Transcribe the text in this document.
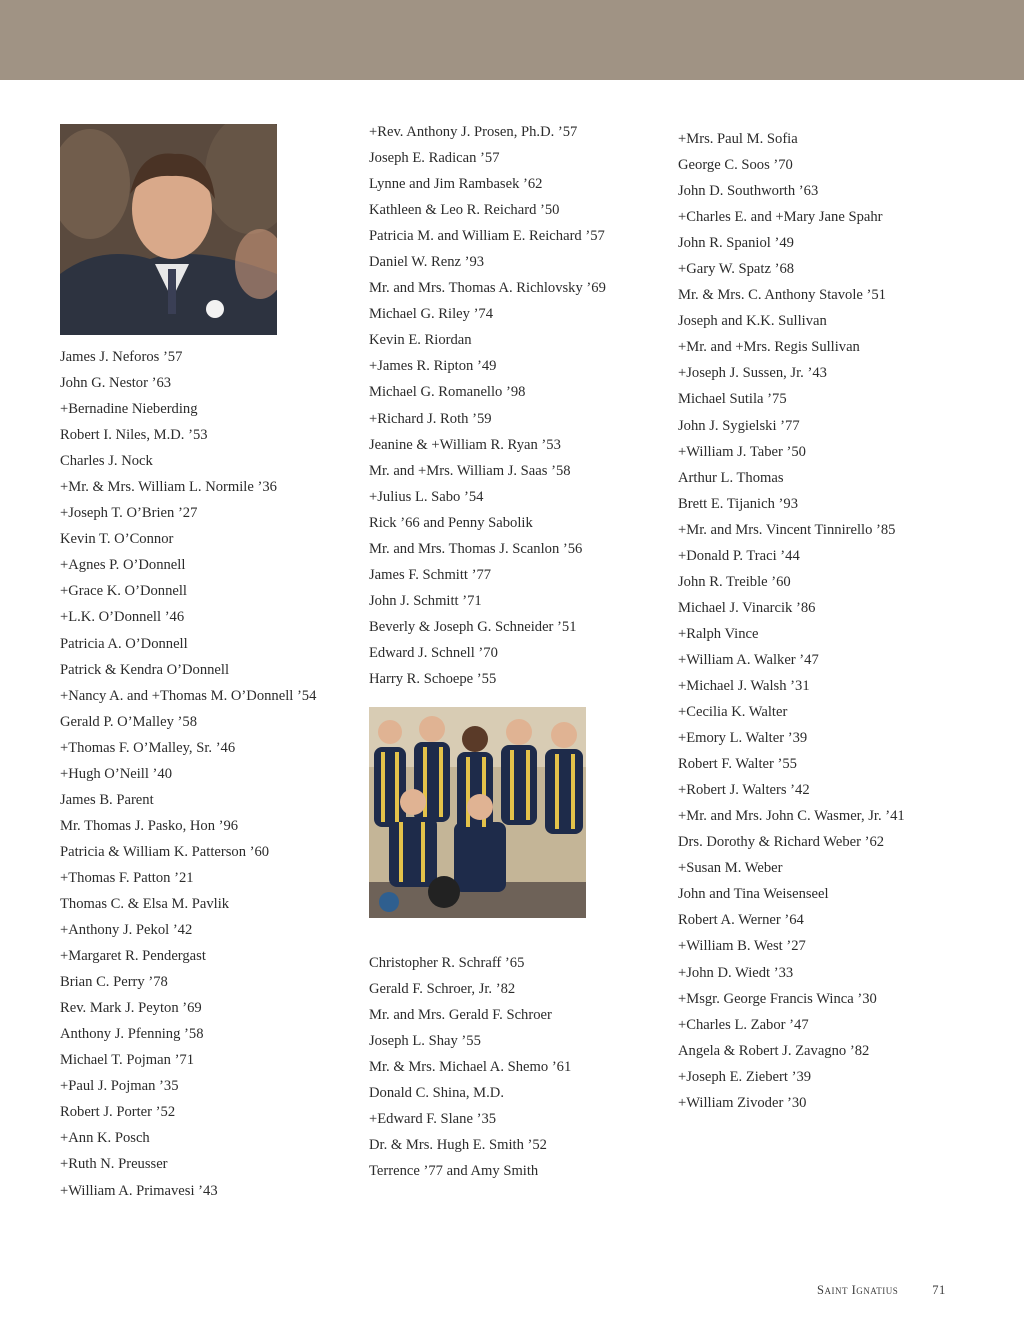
James J. Neforos ’57
John G. Nestor ’63
+Bernadine Nieberding
Robert I. Niles, M.D. ’53
Charles J. Nock
+Mr. & Mrs. William L. Normile ’36
+Joseph T. O’Brien ’27
Kevin T. O’Connor
+Agnes P. O’Donnell
+Grace K. O’Donnell
+L.K. O’Donnell ’46
Patricia A. O’Donnell
Patrick & Kendra O’Donnell
+Nancy A. and +Thomas M. O’Donnell ’54
Gerald P. O’Malley ’58
+Thomas F. O’Malley, Sr. ’46
+Hugh O’Neill ’40
James B. Parent
Mr. Thomas J. Pasko, Hon ’96
Patricia & William K. Patterson ’60
+Thomas F. Patton ’21
Thomas C. & Elsa M. Pavlik
+Anthony J. Pekol ’42
+Margaret R. Pendergast
Brian C. Perry ’78
Rev. Mark J. Peyton ’69
Anthony J. Pfenning ’58
Michael T. Pojman ’71
+Paul J. Pojman ’35
Robert J. Porter ’52
+Ann K. Posch
+Ruth N. Preusser
+William A. Primavesi ’43
+Rev. Anthony J. Prosen, Ph.D. ’57
Joseph E. Radican ’57
Lynne and Jim Rambasek ’62
Kathleen & Leo R. Reichard ’50
Patricia M. and William E. Reichard ’57
Daniel W. Renz ’93
Mr. and Mrs. Thomas A. Richlovsky ’69
Michael G. Riley ’74
Kevin E. Riordan
+James R. Ripton ’49
Michael G. Romanello ’98
+Richard J. Roth ’59
Jeanine & +William R. Ryan ’53
Mr. and +Mrs. William J. Saas ’58
+Julius L. Sabo ’54
Rick ’66 and Penny Sabolik
Mr. and Mrs. Thomas J. Scanlon ’56
James F. Schmitt ’77
John J. Schmitt ’71
Beverly & Joseph G. Schneider ’51
Edward J. Schnell ’70
Harry R. Schoepe ’55
Christopher R. Schraff ’65
Gerald F. Schroer, Jr. ’82
Mr. and Mrs. Gerald F. Schroer
Joseph L. Shay ’55
Mr. & Mrs. Michael A. Shemo ’61
Donald C. Shina, M.D.
+Edward F. Slane ’35
Dr. & Mrs. Hugh E. Smith ’52
Terrence ’77 and Amy Smith
+Mrs. Paul M. Sofia
George C. Soos ’70
John D. Southworth ’63
+Charles E. and +Mary Jane Spahr
John R. Spaniol ’49
+Gary W. Spatz ’68
Mr. & Mrs. C. Anthony Stavole ’51
Joseph and K.K. Sullivan
+Mr. and +Mrs. Regis Sullivan
+Joseph J. Sussen, Jr. ’43
Michael Sutila ’75
John J. Sygielski ’77
+William J. Taber ’50
Arthur L. Thomas
Brett E. Tijanich ’93
+Mr. and Mrs. Vincent Tinnirello ’85
+Donald P. Traci ’44
John R. Treible ’60
Michael J. Vinarcik ’86
+Ralph Vince
+William A. Walker ’47
+Michael J. Walsh ’31
+Cecilia K. Walter
+Emory L. Walter ’39
Robert F. Walter ’55
+Robert J. Walters ’42
+Mr. and Mrs. John C. Wasmer, Jr. ’41
Drs. Dorothy & Richard Weber ’62
+Susan M. Weber
John and Tina Weisenseel
Robert A. Werner ’64
+William B. West ’27
+John D. Wiedt ’33
+Msgr. George Francis Winca ’30
+Charles L. Zabor ’47
Angela & Robert J. Zavagno ’82
+Joseph E. Ziebert ’39
+William Zivoder ’30
Saint Ignatius	71
